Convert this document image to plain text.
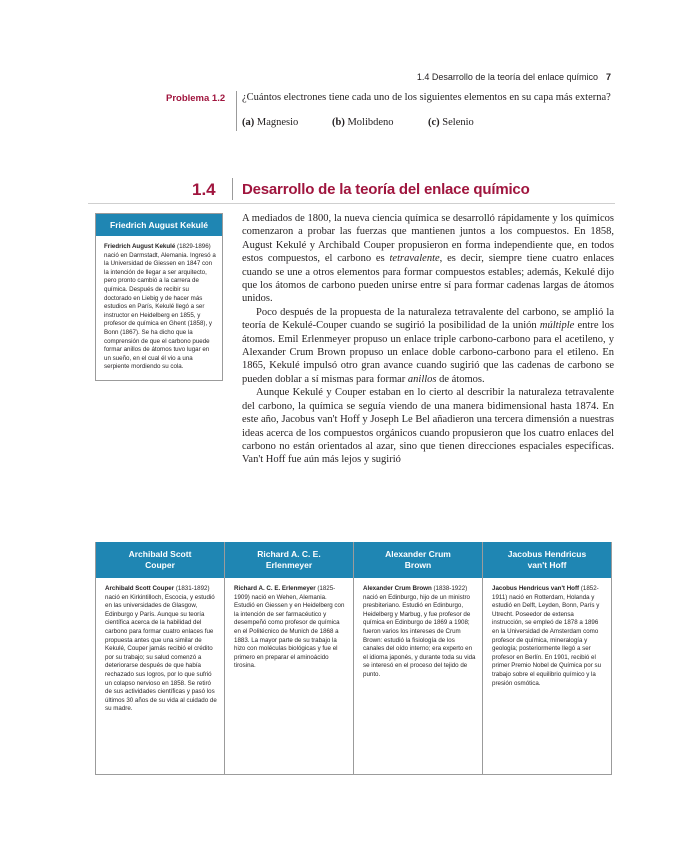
1.4 Desarrollo de la teoría del enlace químico 7
Problema 1.2 ¿Cuántos electrones tiene cada uno de los siguientes elementos en su capa más externa?
(a) Magnesio	(b) Molibdeno	(c) Selenio
1.4 Desarrollo de la teoría del enlace químico
Friedrich August Kekulé
Friedrich August Kekulé (1829-1896) nació en Darmstadt, Alemania. Ingresó a la Universidad de Giessen en 1847 con la intención de llegar a ser arquitecto, pero pronto cambió a la carrera de química. Después de recibir su doctorado en Liebig y de hacer más estudios en París, Kekulé llegó a ser instructor en Heidelberg en 1855, y profesor de química en Ghent (1858), y Bonn (1867). Se ha dicho que la comprensión de que el carbono puede formar anillos de átomos tuvo lugar en un sueño, en el cual él vio a una serpiente mordiendo su cola.

A mediados de 1800, la nueva ciencia química se desarrolló rápidamente y los químicos comenzaron a probar las fuerzas que mantienen juntos a los compuestos. En 1858, August Kekulé y Archibald Couper propusieron en forma independiente que, en todos estos compuestos, el carbono es tetravalente, es decir, siempre tiene cuatro enlaces cuando se une a otros elementos para formar compuestos estables; además, Kekulé dijo que los átomos de carbono pueden unirse entre sí para formar cadenas largas de átomos unidos.

Poco después de la propuesta de la naturaleza tetravalente del carbono, se amplió la teoría de Kekulé-Couper cuando se sugirió la posibilidad de la unión múltiple entre los átomos. Emil Erlenmeyer propuso un enlace triple carbono-carbono para el acetileno, y Alexander Crum Brown propuso un enlace doble carbono-carbono para el etileno. En 1865, Kekulé impulsó otro gran avance cuando sugirió que las cadenas de carbono se pueden doblar a sí mismas para formar anillos de átomos.

Aunque Kekulé y Couper estaban en lo cierto al describir la naturaleza tetravalente del carbono, la química se seguía viendo de una manera bidimensional hasta 1874. En este año, Jacobus van't Hoff y Joseph Le Bel añadieron una tercera dimensión a nuestras ideas acerca de los compuestos orgánicos cuando propusieron que los cuatro enlaces del carbono no están orientados al azar, sino que tienen direcciones espaciales específicas. Van't Hoff fue aún más lejos y sugirió

Archibald Scott
Couper
Archibald Scott Couper (1831-1892) nació en Kirkintilloch, Escocia, y estudió en las universidades de Glasgow, Edinburgo y París. Aunque su teoría científica acerca de la habilidad del carbono para formar cuatro enlaces fue propuesta antes que una similar de Kekulé, Couper jamás recibió el crédito por su trabajo; su salud comenzó a deteriorarse después de que había rechazado sus logros, por lo que sufrió un colapso nervioso en 1858. Se retiró de sus actividades científicas y pasó los últimos 30 años de su vida al cuidado de su madre.
Richard A. C. E.
Erlenmeyer
Richard A. C. E. Erlenmeyer (1825-1909) nació en Wehen, Alemania. Estudió en Giessen y en Heidelberg con la intención de ser farmacéutico y desempeñó como profesor de química en el Politécnico de Munich de 1868 a 1883. La mayor parte de su trabajo la hizo con moléculas biológicas y fue el primero en preparar el aminoácido tirosina.
Alexander Crum
Brown
Alexander Crum Brown (1838-1922) nació en Edinburgo, hijo de un ministro presbiteriano. Estudió en Edinburgo, Heidelberg y Marbug, y fue profesor de química en Edinburgo de 1869 a 1908; fueron varios los intereses de Crum Brown: estudió la fisiología de los canales del oído interno; era experto en el idioma japonés, y durante toda su vida se interesó en el proceso del tejido de punto.
Jacobus Hendricus
van't Hoff
Jacobus Hendricus van't Hoff (1852-1911) nació en Rotterdam, Holanda y estudió en Delft, Leyden, Bonn, París y Utrecht. Poseedor de extensa instrucción, se empleó de 1878 a 1896 en la Universidad de Amsterdam como profesor de química, mineralogía y geología; posteriormente llegó a ser profesor en Berlín. En 1901, recibió el primer Premio Nobel de Química por su trabajo sobre el equilibrio químico y la presión osmótica.
